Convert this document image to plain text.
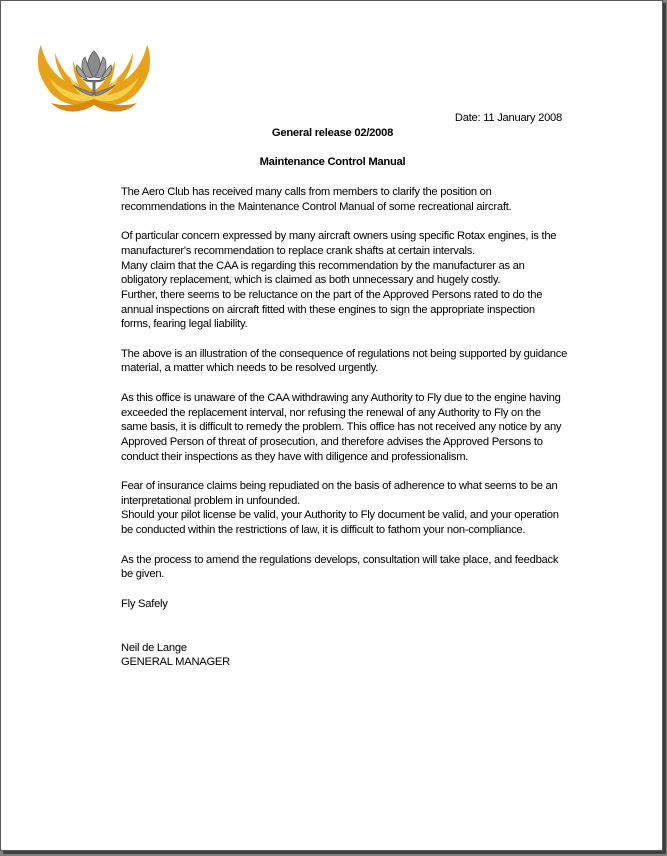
Date: 11 January 2008
General release 02/2008
Maintenance Control Manual
The Aero Club has received many calls from members to clarify the position on
recommendations in the Maintenance Control Manual of some recreational aircraft.
Of particular concern expressed by many aircraft owners using specific Rotax engines, is the
manufacturer's recommendation to replace crank shafts at certain intervals.
Many claim that the CAA is regarding this recommendation by the manufacturer as an
obligatory replacement, which is claimed as both unnecessary and hugely costly.
Further, there seems to be reluctance on the part of the Approved Persons rated to do the
annual inspections on aircraft fitted with these engines to sign the appropriate inspection
forms, fearing legal liability.
The above is an illustration of the consequence of regulations not being supported by guidance
material, a matter which needs to be resolved urgently.
As this office is unaware of the CAA withdrawing any Authority to Fly due to the engine having
exceeded the replacement interval, nor refusing the renewal of any Authority to Fly on the
same basis, it is difficult to remedy the problem. This office has not received any notice by any
Approved Person of threat of prosecution, and therefore advises the Approved Persons to
conduct their inspections as they have with diligence and professionalism.
Fear of insurance claims being repudiated on the basis of adherence to what seems to be an
interpretational problem in unfounded.
Should your pilot license be valid, your Authority to Fly document be valid, and your operation
be conducted within the restrictions of law, it is difficult to fathom your non-compliance.
As the process to amend the regulations develops, consultation will take place, and feedback
be given.
Fly Safely
Neil de Lange
GENERAL MANAGER
